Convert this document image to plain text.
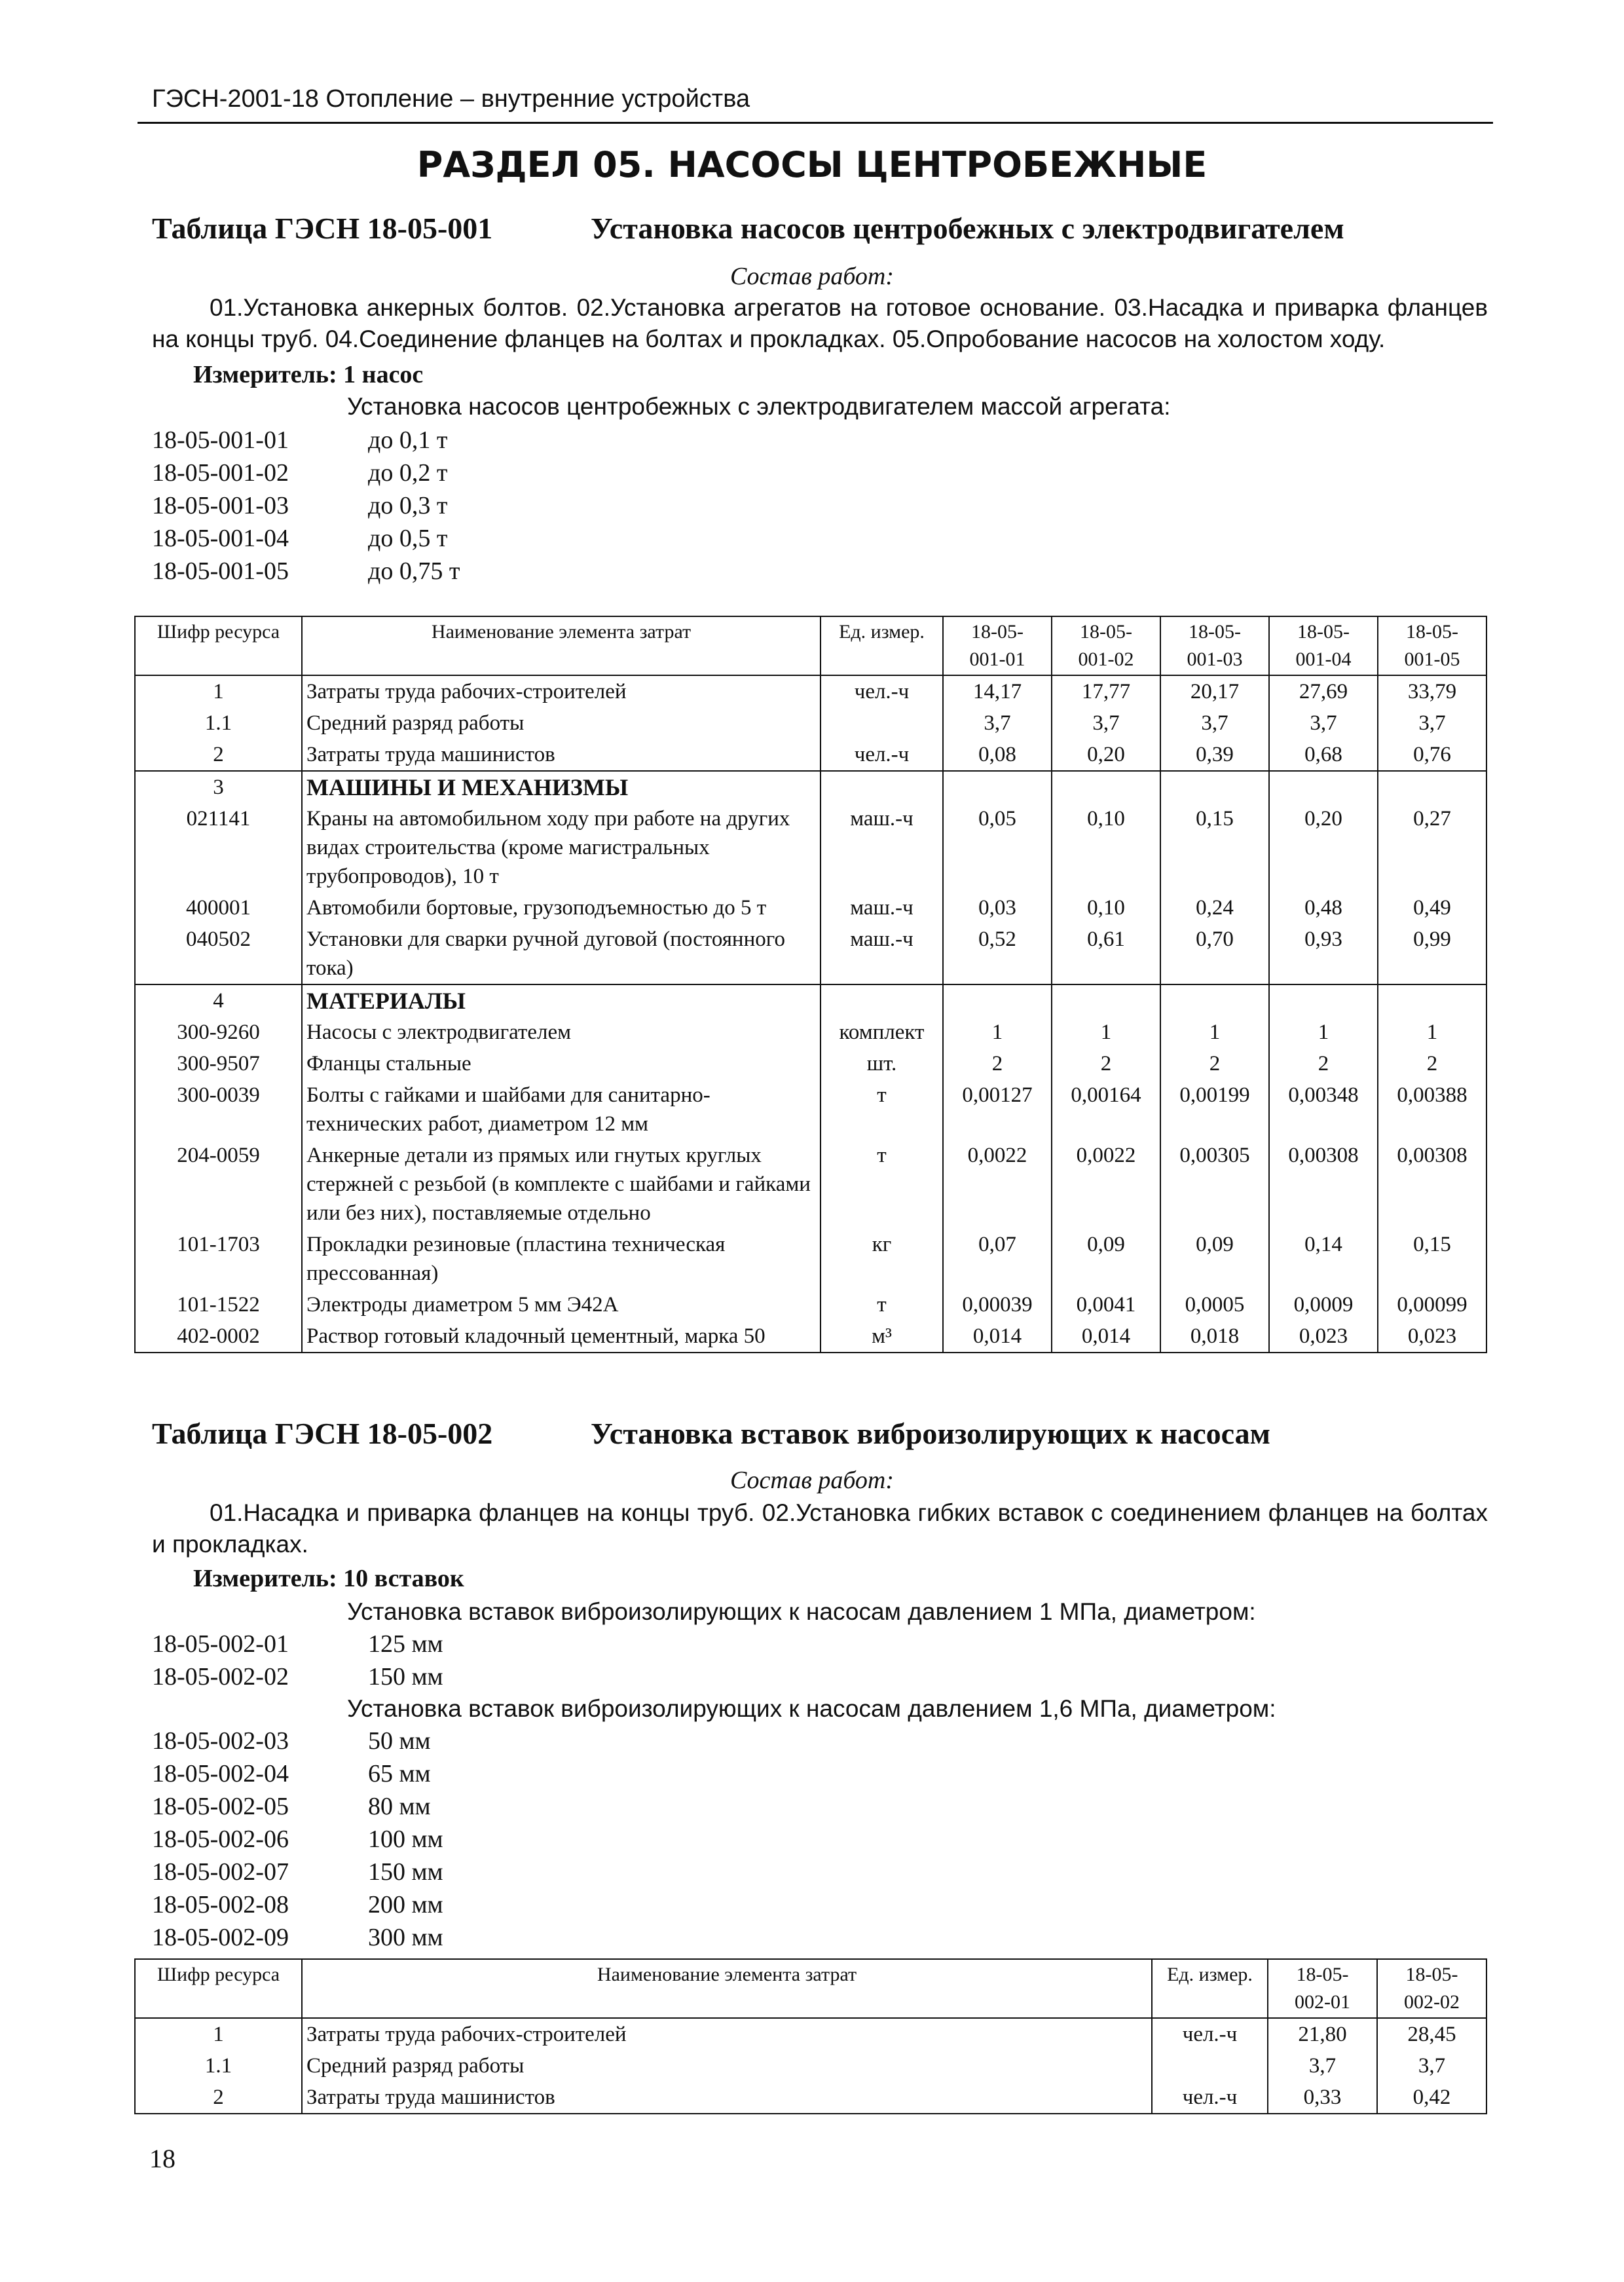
ГЭСН-2001-18 Отопление – внутренние устройства
РАЗДЕЛ 05. НАСОСЫ ЦЕНТРОБЕЖНЫЕ
Таблица ГЭСН 18-05-001	Установка насосов центробежных с электродвигателем
Состав работ:
01.Установка анкерных болтов. 02.Установка агрегатов на готовое основание. 03.Насадка и приварка фланцев на концы труб. 04.Соединение фланцев на болтах и прокладках. 05.Опробование насосов на холостом ходу.
Измеритель: 1 насос
Установка насосов центробежных с электродвигателем массой агрегата:
18-05-001-01	до 0,1 т
18-05-001-02	до 0,2 т
18-05-001-03	до 0,3 т
18-05-001-04	до 0,5 т
18-05-001-05	до 0,75 т
Шифр ресурса	Наименование элемента затрат	Ед. измер.	18-05-
001-01	18-05-
001-02	18-05-
001-03	18-05-
001-04	18-05-
001-05
1	Затраты труда рабочих-строителей	чел.-ч	14,17	17,77	20,17	27,69	33,79
1.1	Средний разряд работы		3,7	3,7	3,7	3,7	3,7
2	Затраты труда машинистов	чел.-ч	0,08	0,20	0,39	0,68	0,76
3	МАШИНЫ И МЕХАНИЗМЫ						
021141	Краны на автомобильном ходу при работе на других видах строительства (кроме магистральных трубопроводов), 10 т	маш.-ч	0,05	0,10	0,15	0,20	0,27
400001	Автомобили бортовые, грузоподъемностью до 5 т	маш.-ч	0,03	0,10	0,24	0,48	0,49
040502	Установки для сварки ручной дуговой (постоянного тока)	маш.-ч	0,52	0,61	0,70	0,93	0,99
4	МАТЕРИАЛЫ						
300-9260	Насосы с электродвигателем	комплект	1	1	1	1	1
300-9507	Фланцы стальные	шт.	2	2	2	2	2
300-0039	Болты с гайками и шайбами для санитарно-технических работ, диаметром 12 мм	т	0,00127	0,00164	0,00199	0,00348	0,00388
204-0059	Анкерные детали из прямых или гнутых круглых стержней с резьбой (в комплекте с шайбами и гайками или без них), поставляемые отдельно	т	0,0022	0,0022	0,00305	0,00308	0,00308
101-1703	Прокладки резиновые (пластина техническая прессованная)	кг	0,07	0,09	0,09	0,14	0,15
101-1522	Электроды диаметром 5 мм Э42А	т	0,00039	0,0041	0,0005	0,0009	0,00099
402-0002	Раствор готовый кладочный цементный, марка 50	м³	0,014	0,014	0,018	0,023	0,023
Таблица ГЭСН 18-05-002	Установка вставок виброизолирующих к насосам
Состав работ:
01.Насадка и приварка фланцев на концы труб. 02.Установка гибких вставок с соединением фланцев на болтах и прокладках.
Измеритель: 10 вставок
Установка вставок виброизолирующих к насосам давлением 1 МПа, диаметром:
Установка вставок виброизолирующих к насосам давлением 1,6 МПа, диаметром:
18-05-002-01	125 мм
18-05-002-02	150 мм
18-05-002-03	50 мм
18-05-002-04	65 мм
18-05-002-05	80 мм
18-05-002-06	100 мм
18-05-002-07	150 мм
18-05-002-08	200 мм
18-05-002-09	300 мм
Шифр ресурса	Наименование элемента затрат	Ед. измер.	18-05-
002-01	18-05-
002-02
1	Затраты труда рабочих-строителей	чел.-ч	21,80	28,45
1.1	Средний разряд работы		3,7	3,7
2	Затраты труда машинистов	чел.-ч	0,33	0,42
18
